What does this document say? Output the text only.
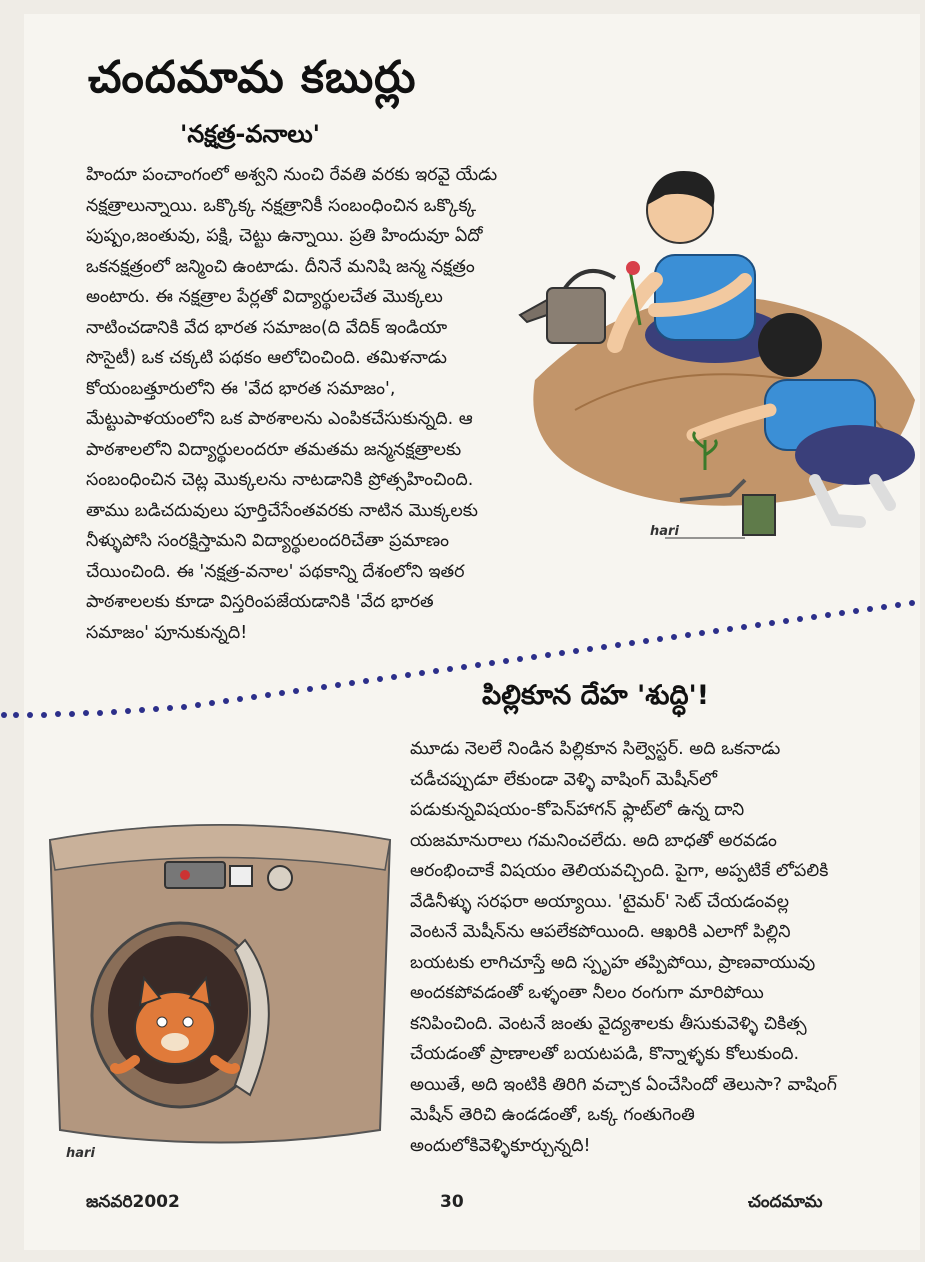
చందమామ కబుర్లు
'నక్షత్ర-వనాలు'

హిందూ పంచాంగంలో అశ్వని నుంచి రేవతి వరకు ఇరవై యేడు నక్షత్రాలున్నాయి. ఒక్కొక్క నక్షత్రానికీ సంబంధించిన ఒక్కొక్క పుష్పం,జంతువు, పక్షి, చెట్టు ఉన్నాయి. ప్రతి హిందువూ ఏదో ఒకనక్షత్రంలో జన్మించి ఉంటాడు. దీనినే మనిషి జన్మ నక్షత్రం అంటారు. ఈ నక్షత్రాల పేర్లతో విద్యార్థులచేత మొక్కలు నాటించడానికి వేద భారత సమాజం(ది వేదిక్ ఇండియా సొసైటీ) ఒక చక్కటి పథకం ఆలోచించింది. తమిళనాడు కోయంబత్తూరులోని ఈ 'వేద భారత సమాజం', మేట్టుపాళయంలోని ఒక పాఠశాలను ఎంపికచేసుకున్నది. ఆ పాఠశాలలోని విద్యార్థులందరూ తమతమ జన్మనక్షత్రాలకు సంబంధించిన చెట్ల మొక్కలను నాటడానికి ప్రోత్సహించింది. తాము బడిచదువులు పూర్తిచేసేంతవరకు నాటిన మొక్కలకు నీళ్ళుపోసి సంరక్షిస్తామని విద్యార్థులందరిచేతా ప్రమాణం చేయించింది. ఈ 'నక్షత్ర-వనాల' పథకాన్ని దేశంలోని ఇతర పాఠశాలలకు కూడా విస్తరింపజేయడానికి 'వేద భారత సమాజం' పూనుకున్నది!

hari
పిల్లికూన దేహ 'శుద్ధి'!

మూడు నెలలే నిండిన పిల్లికూన సిల్వెస్టర్. అది ఒకనాడు చడీచప్పుడూ లేకుండా వెళ్ళి వాషింగ్ మెషీన్‌లో పడుకున్నవిషయం-కోపెన్‌హాగన్ ఫ్లాట్‌లో ఉన్న దాని యజమానురాలు గమనించలేదు. అది బాధతో అరవడం ఆరంభించాకే విషయం తెలియవచ్చింది. పైగా, అప్పటికే లోపలికి వేడినీళ్ళు సరఫరా అయ్యాయి. 'టైమర్' సెట్ చేయడంవల్ల వెంటనే మెషీన్‌ను ఆపలేకపోయింది. ఆఖరికి ఎలాగో పిల్లిని బయటకు లాగిచూస్తే అది స్పృహ తప్పిపోయి, ప్రాణవాయువు అందకపోవడంతో ఒళ్ళంతా నీలం రంగుగా మారిపోయి కనిపించింది. వెంటనే జంతు వైద్యశాలకు తీసుకువెళ్ళి చికిత్స చేయడంతో ప్రాణాలతో బయటపడి, కొన్నాళ్ళకు కోలుకుంది. అయితే, అది ఇంటికి తిరిగి వచ్చాక ఏంచేసిందో తెలుసా? వాషింగ్ మెషీన్ తెరిచి ఉండడంతో, ఒక్క గంతుగెంతి అందులోకివెళ్ళికూర్చున్నది!

hari
జనవరి2002	30	చందమామ
